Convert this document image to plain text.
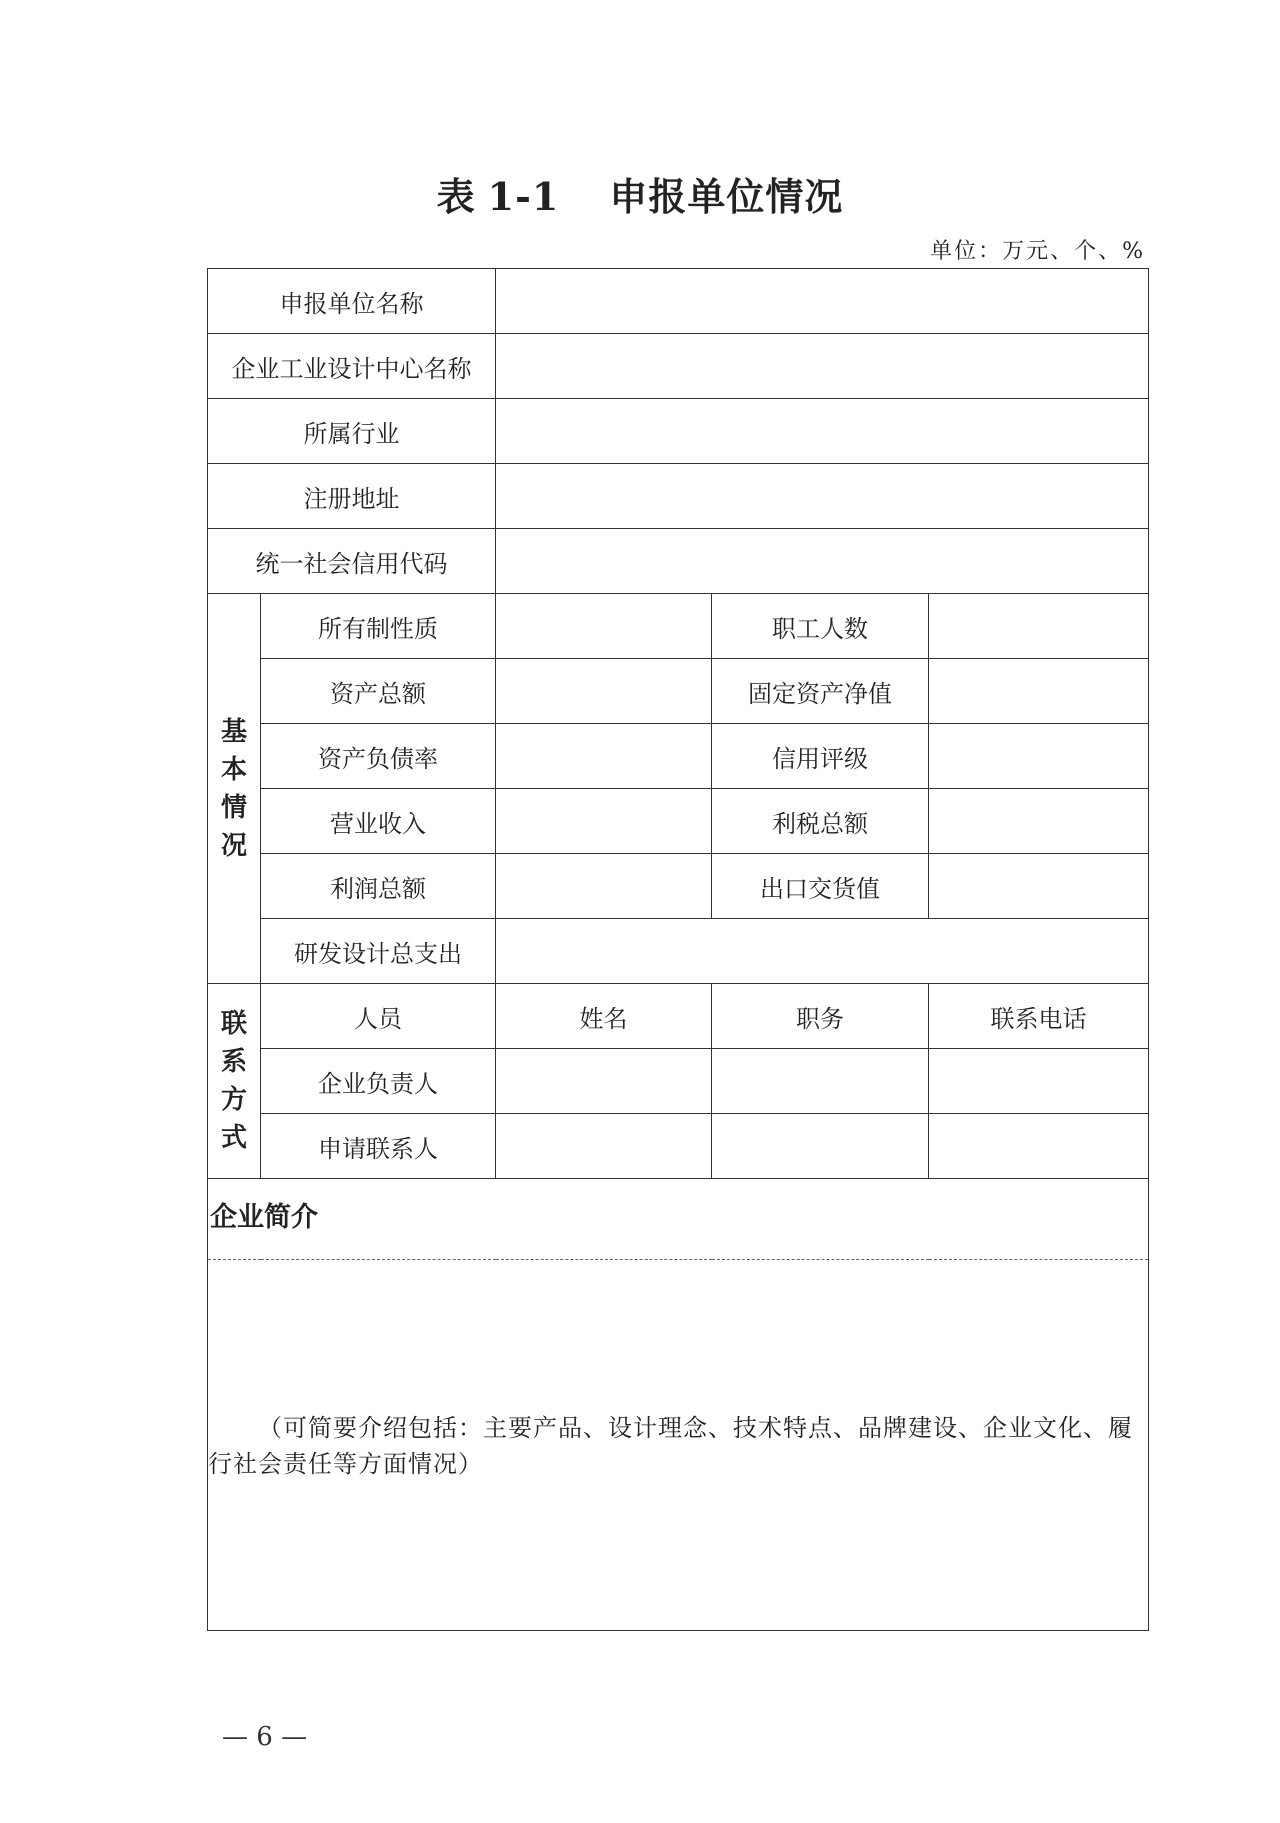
表 1-1 申报单位情况
单位：万元、个、%
申报单位名称				
企业工业设计中心名称				
所属行业				
注册地址				
统一社会信用代码				

基
本
情
况	所有制性质		职工人数	
	资产总额		固定资产净值	
	资产负债率		信用评级	
	营业收入		利税总额	
	利润总额		出口交货值	
	研发设计总支出			

联
系
方
式	人员	姓名	职务	联系电话
	企业负责人			
	申请联系人			
企业简介				

（可简要介绍包括：主要产品、设计理念、技术特点、品牌建设、企业文化、履行社会责任等方面情况）				
— 6 —
